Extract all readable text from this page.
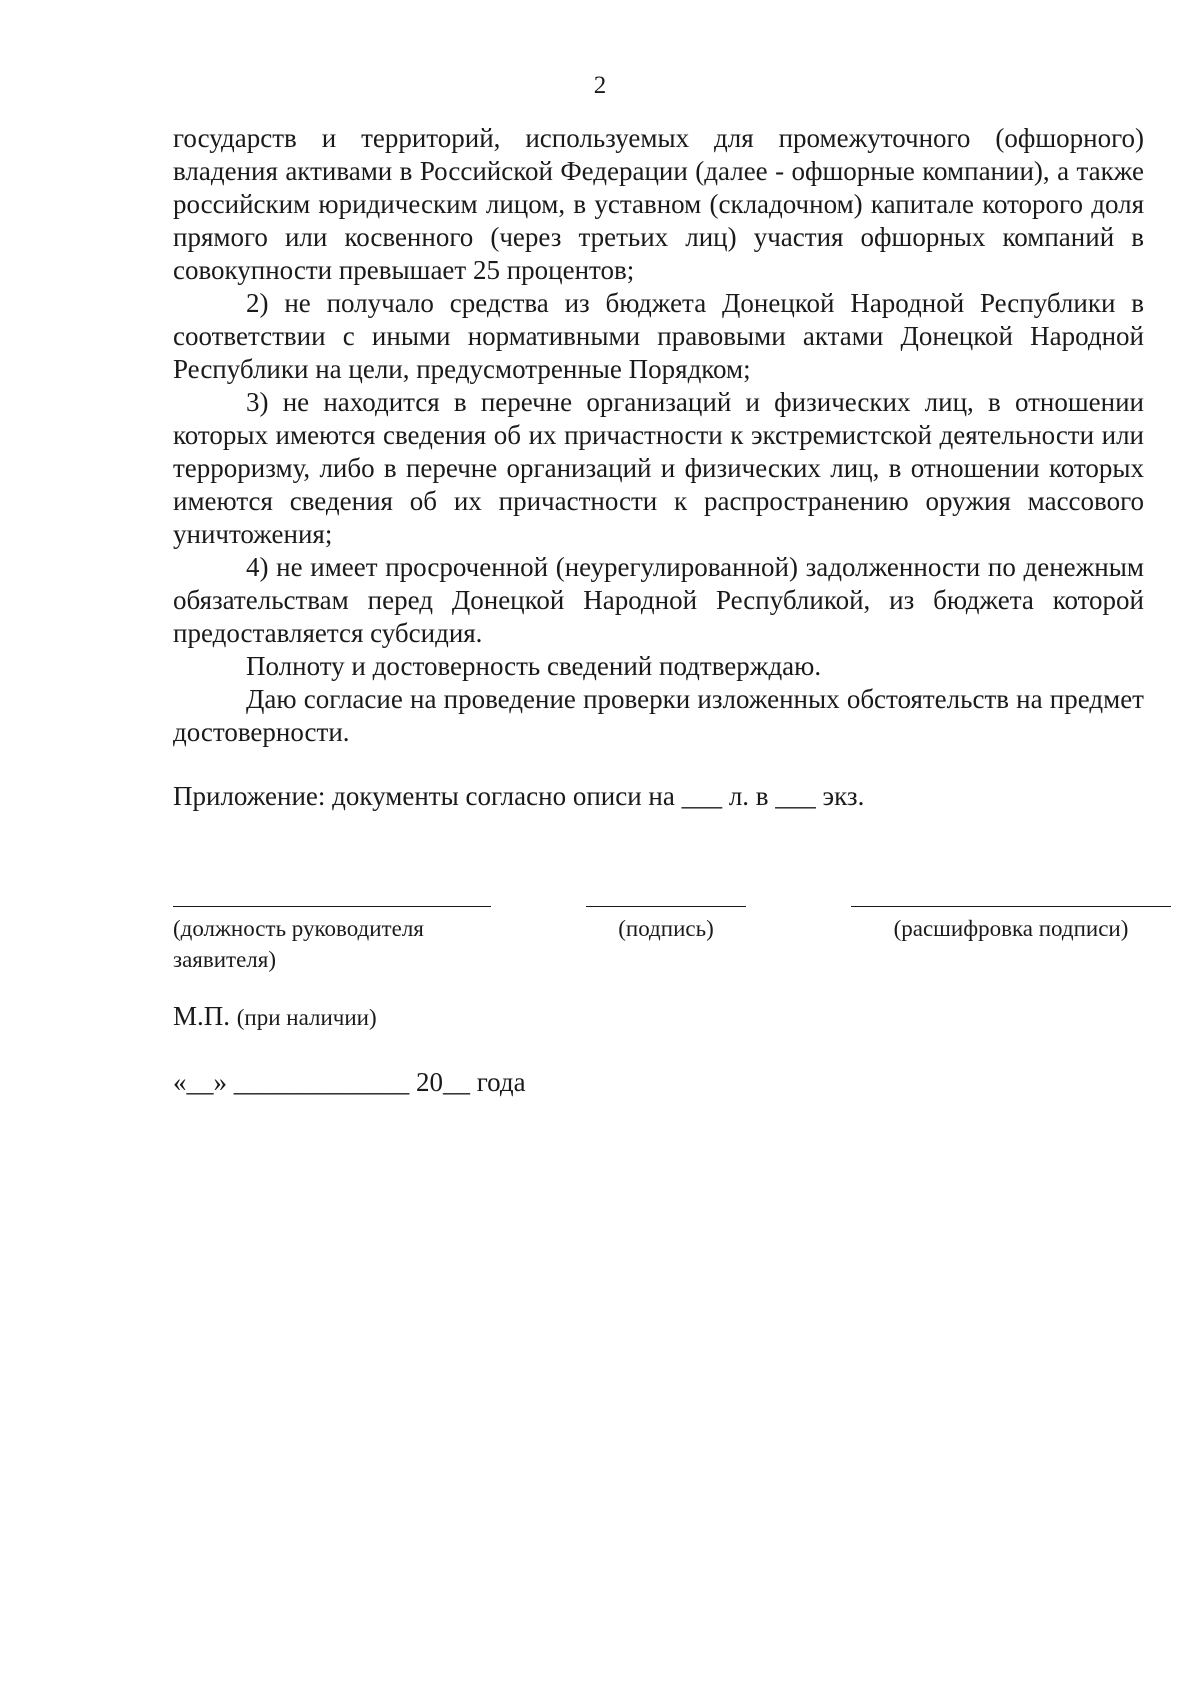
2

государств и территорий, используемых для промежуточного (офшорного) владения активами в Российской Федерации (далее - офшорные компании), а также российским юридическим лицом, в уставном (складочном) капитале которого доля прямого или косвенного (через третьих лиц) участия офшорных компаний в совокупности превышает 25 процентов;

2) не получало средства из бюджета Донецкой Народной Республики в соответствии с иными нормативными правовыми актами Донецкой Народной Республики на цели, предусмотренные Порядком;

3) не находится в перечне организаций и физических лиц, в отношении которых имеются сведения об их причастности к экстремистской деятельности или терроризму, либо в перечне организаций и физических лиц, в отношении которых имеются сведения об их причастности к распространению оружия массового уничтожения;

4) не имеет просроченной (неурегулированной) задолженности по денежным обязательствам перед Донецкой Народной Республикой, из бюджета которой предоставляется субсидия.

Полноту и достоверность сведений подтверждаю.

Даю согласие на проведение проверки изложенных обстоятельств на предмет достоверности.

Приложение: документы согласно описи на ___ л. в ___ экз.
(должность руководителя заявителя)
(подпись)	(расшифровка подписи)
М.П. (при наличии)
«__» _____________ 20__ года
